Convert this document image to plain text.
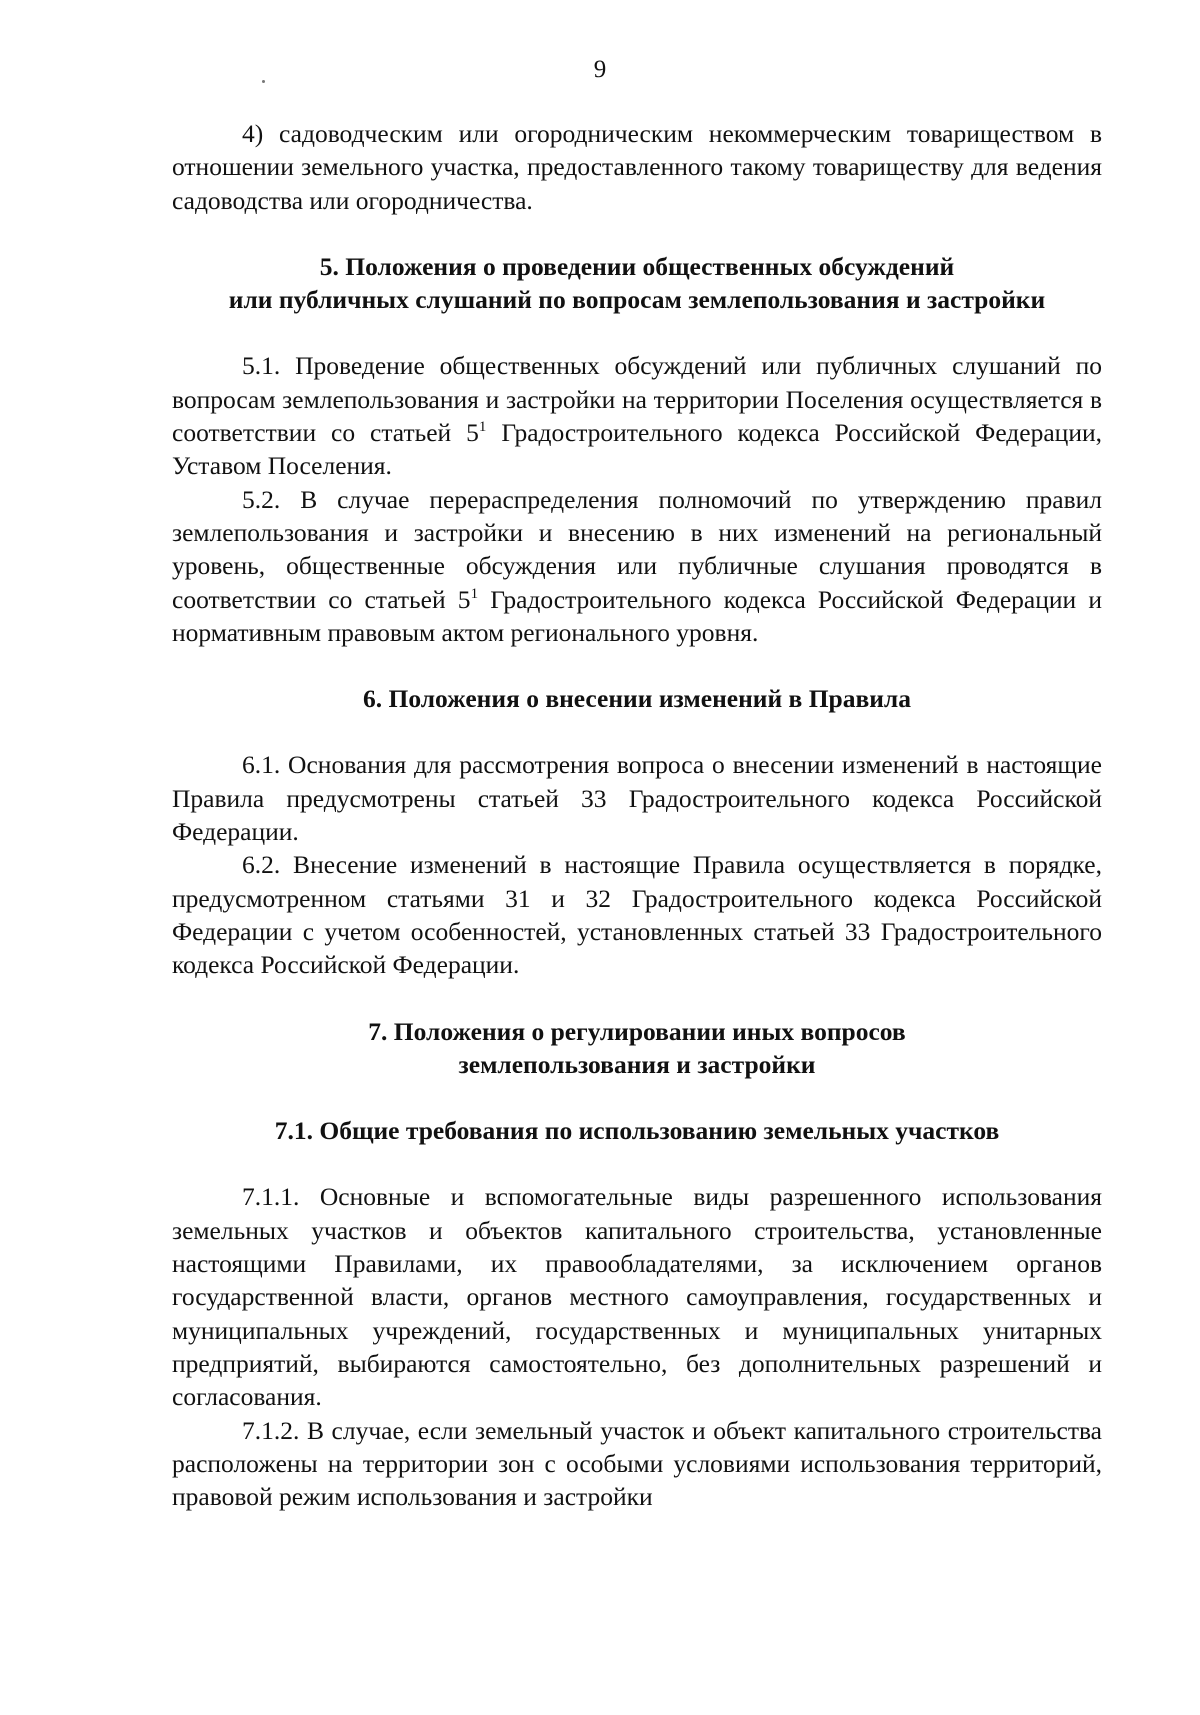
9

4) садоводческим или огородническим некоммерческим товариществом в отношении земельного участка, предоставленного такому товариществу для ведения садоводства или огородничества.

5. Положения о проведении общественных обсуждений

или публичных слушаний по вопросам землепользования и застройки

5.1. Проведение общественных обсуждений или публичных слушаний по вопросам землепользования и застройки на территории Поселения осуществляется в соответствии со статьей $5^1$ Градостроительного кодекса Российской Федерации, Уставом Поселения.

5.2. В случае перераспределения полномочий по утверждению правил землепользования и застройки и внесению в них изменений на региональный уровень, общественные обсуждения или публичные слушания проводятся в соответствии со статьей $5^1$ Градостроительного кодекса Российской Федерации и нормативным правовым актом регионального уровня.

6. Положения о внесении изменений в Правила

6.1. Основания для рассмотрения вопроса о внесении изменений в настоящие Правила предусмотрены статьей 33 Градостроительного кодекса Российской Федерации.

6.2. Внесение изменений в настоящие Правила осуществляется в порядке, предусмотренном статьями 31 и 32 Градостроительного кодекса Российской Федерации с учетом особенностей, установленных статьей 33 Градостроительного кодекса Российской Федерации.

7. Положения о регулировании иных вопросов

землепользования и застройки

7.1. Общие требования по использованию земельных участков

7.1.1. Основные и вспомогательные виды разрешенного использования земельных участков и объектов капитального строительства, установленные настоящими Правилами, их правообладателями, за исключением органов государственной власти, органов местного самоуправления, государственных и муниципальных учреждений, государственных и муниципальных унитарных предприятий, выбираются самостоятельно, без дополнительных разрешений и согласования.

7.1.2. В случае, если земельный участок и объект капитального строительства расположены на территории зон с особыми условиями использования территорий, правовой режим использования и застройки
